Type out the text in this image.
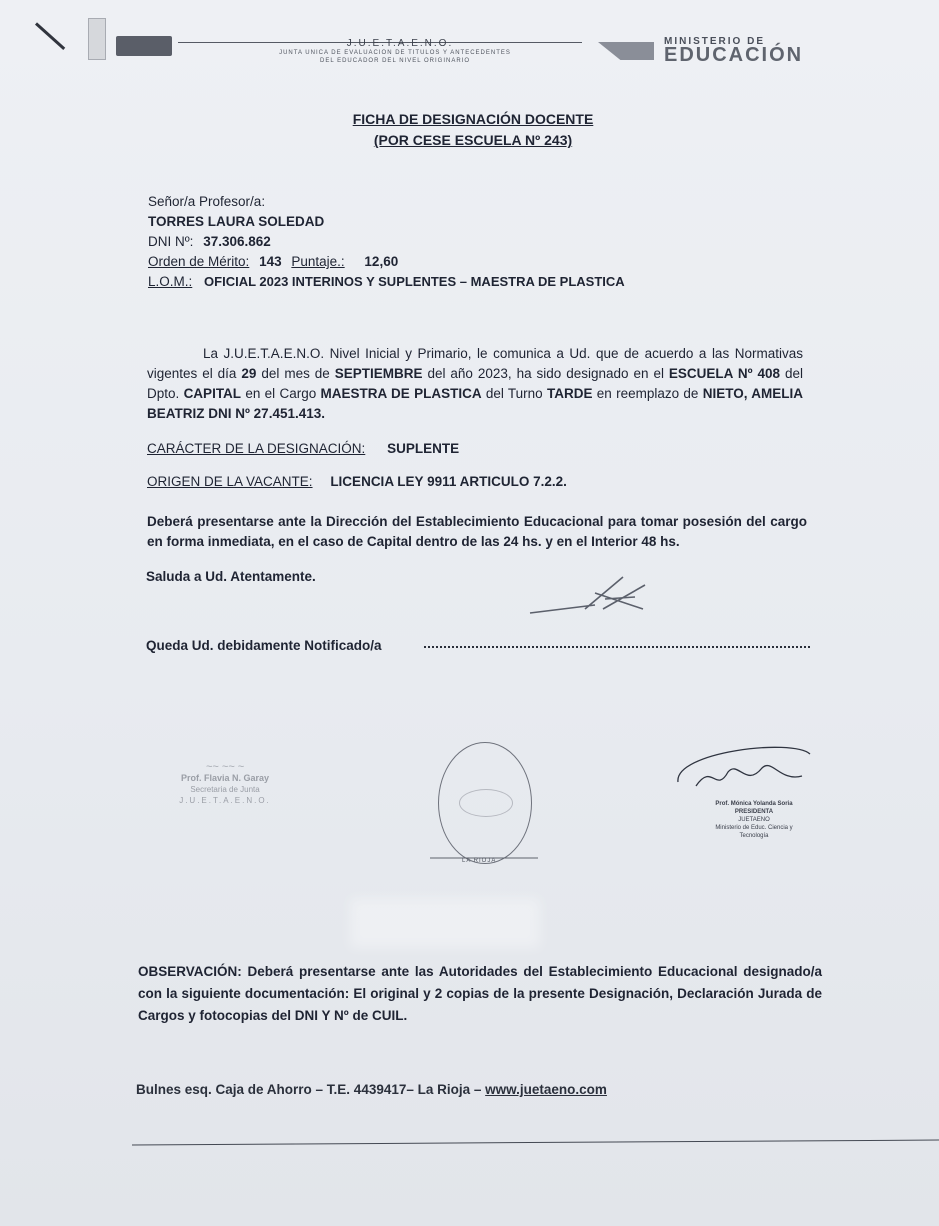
J.U.E.T.A.E.N.O.
JUNTA UNICA DE EVALUACION DE TITULOS Y ANTECEDENTES
DEL EDUCADOR DEL NIVEL ORIGINARIO
MINISTERIO DE
EDUCACIÓN
FICHA DE DESIGNACIÓN DOCENTE
(POR CESE ESCUELA Nº 243)
Señor/a Profesor/a:
TORRES LAURA SOLEDAD
DNI Nº: 37.306.862
Orden de Mérito: 143 Puntaje.: 12,60
L.O.M.: OFICIAL 2023 INTERINOS Y SUPLENTES – MAESTRA DE PLASTICA
La J.U.E.T.A.E.N.O. Nivel Inicial y Primario, le comunica a Ud. que de acuerdo a las Normativas vigentes el día 29 del mes de SEPTIEMBRE del año 2023, ha sido designado en el ESCUELA Nº 408 del Dpto. CAPITAL en el Cargo MAESTRA DE PLASTICA del Turno TARDE en reemplazo de NIETO, AMELIA BEATRIZ DNI Nº 27.451.413.
CARÁCTER DE LA DESIGNACIÓN: SUPLENTE
ORIGEN DE LA VACANTE: LICENCIA LEY 9911 ARTICULO 7.2.2.
Deberá presentarse ante la Dirección del Establecimiento Educacional para tomar posesión del cargo en forma inmediata, en el caso de Capital dentro de las 24 hs. y en el Interior 48 hs.
Saluda a Ud. Atentamente.
Queda Ud. debidamente Notificado/a
~~ ~~ ~
Prof. Flavia N. Garay
Secretaria de Junta
J.U.E.T.A.E.N.O.
LA RIOJA
Prof. Mónica Yolanda Soria
PRESIDENTA
JUETAENO
Ministerio de Educ. Ciencia y Tecnología
OBSERVACIÓN: Deberá presentarse ante las Autoridades del Establecimiento Educacional designado/a con la siguiente documentación: El original y 2 copias de la presente Designación, Declaración Jurada de Cargos y fotocopias del DNI Y Nº de CUIL.
Bulnes esq. Caja de Ahorro – T.E. 4439417– La Rioja – www.juetaeno.com
